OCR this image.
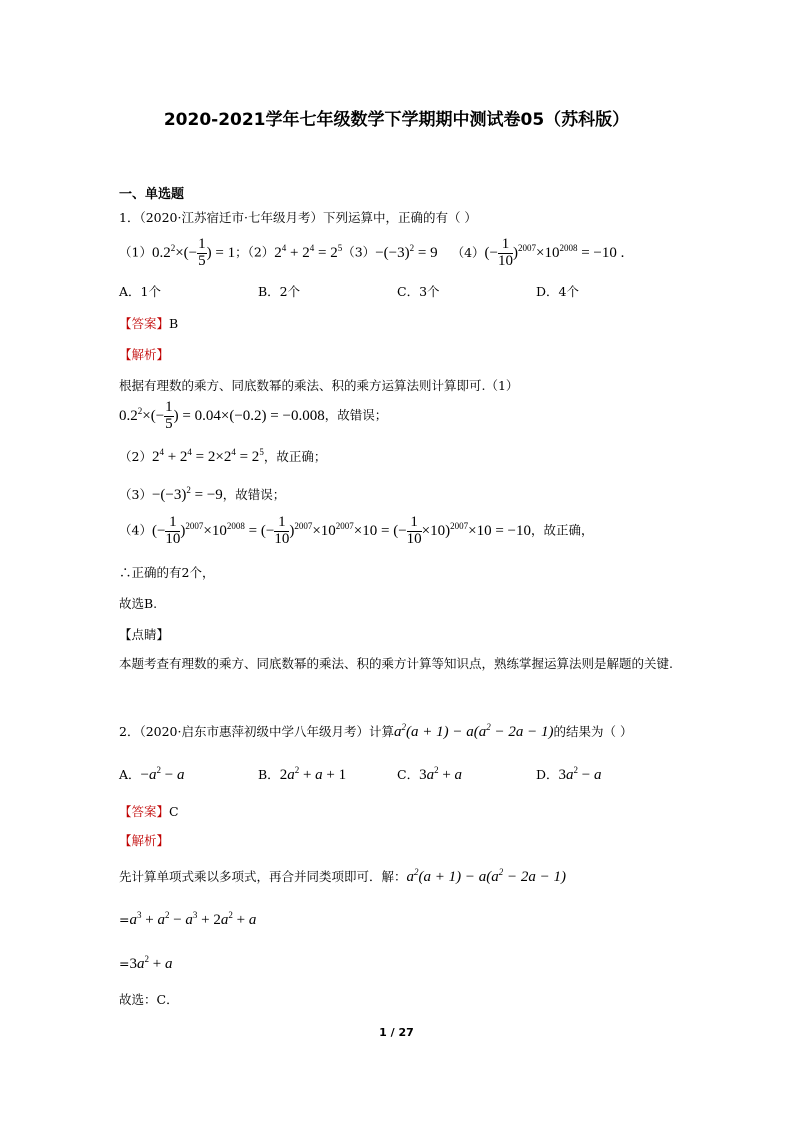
2020-2021学年七年级数学下学期期中测试卷05（苏科版）
一、单选题
1．（2020·江苏宿迁市·七年级月考）下列运算中，正确的有（ ）
$(1)0.2^2\times(- \frac{1}{5}$ ) = 1；$(2)2^4 + 2^4 = 2^5(3)-(-3)^2 = 9$ $(4)(- \frac{1}{10} )^{2007}\times 10^{2008} = -10$ .
A．1个	B．2个	C．3个	D．4个
【答案】B
【解析】
根据有理数的乘方、同底数幂的乘法、积的乘方运算法则计算即可.（1）
$0.2^2\times(- \frac{1}{5}$ ) = 0.04×(−0.2) = −0.008，故错误；
$(2)2^4 + 2^4 = 2\times 2^4 = 2^5$，故正确；
$(3)-(-3)^2 = -9$，故错误；
$(4)(- \frac{1}{10} )^{2007}\times 10^{2008}$ = (− $\frac{1}{10} )^{2007}\times 10^{2007}\times 10$ = (− $\frac{1}{10} \times 10)^{2007}\times 10 = -10$，故正确，
∴正确的有2个，
故选B.
【点睛】
本题考查有理数的乘方、同底数幂的乘法、积的乘方计算等知识点，熟练掌握运算法则是解题的关键.
2．（2020·启东市惠萍初级中学八年级月考）计算$a^2(a + 1) - a(a^2 - 2a - 1)$的结果为（ ）
A．$-a^2 - a$	B．$2a^2 + a + 1$	C．$3a^2 + a$	D．$3a^2 - a$
【答案】C
【解析】
先计算单项式乘以多项式，再合并同类项即可．解：$a^2(a + 1) - a(a^2 - 2a - 1)$
$=a^3 + a^2 - a^3 + 2a^2 + a$
$=3a^2 + a$
故选：C．
1 / 27
